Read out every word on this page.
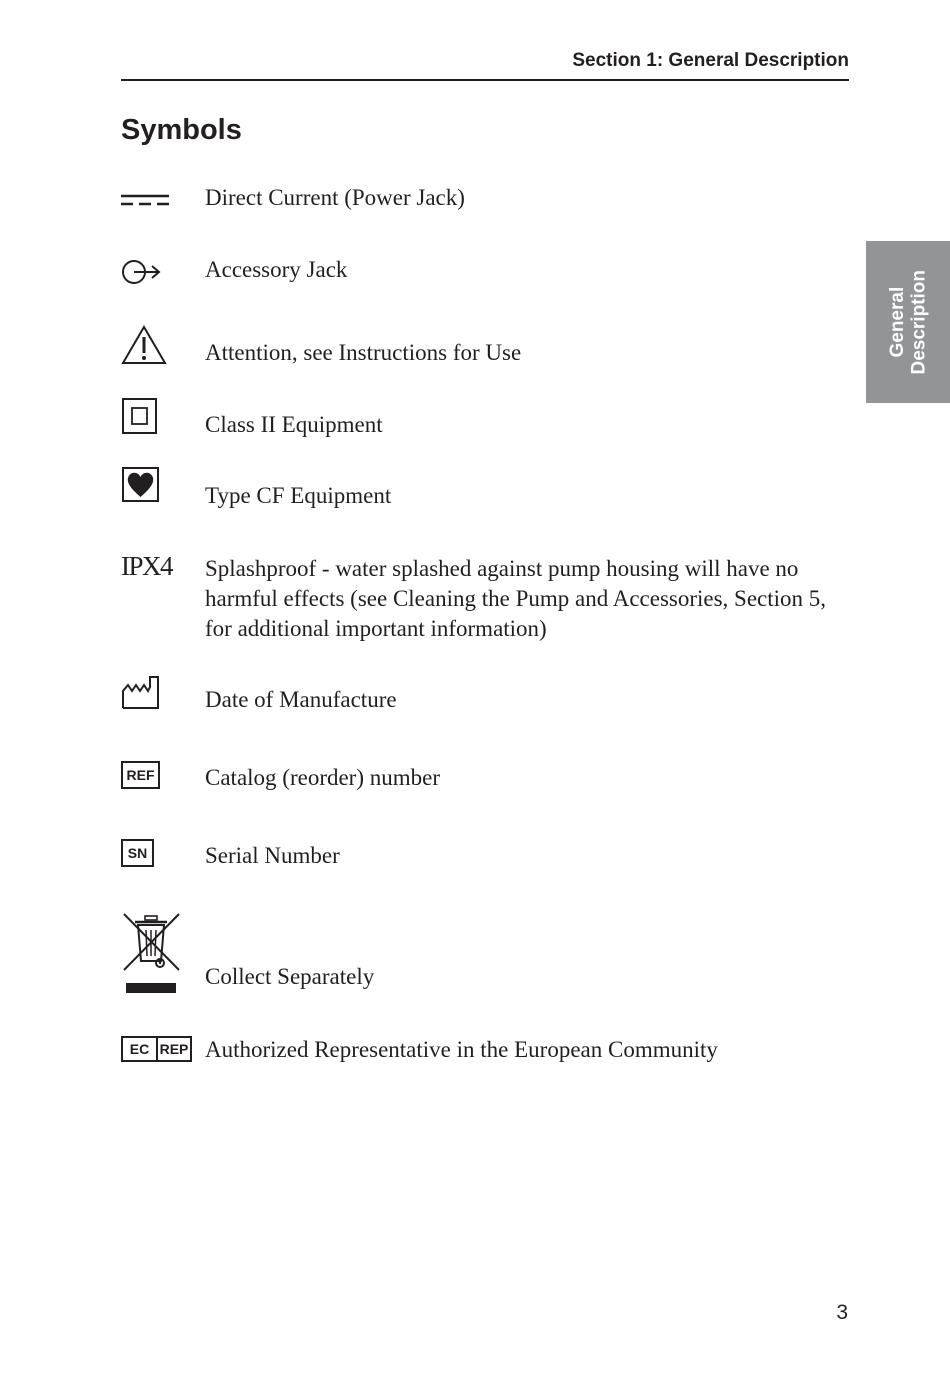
Section 1: General Description
General
Description
Symbols

Direct Current (Power Jack)

Accessory Jack

Attention, see Instructions for Use

Class II Equipment

Type CF Equipment

IPX4 Splashproof - water splashed against pump housing will have no harmful effects (see Cleaning the Pump and Accessories, Section 5, for additional important information)

Date of Manufacture

REF Catalog (reorder) number

SN	Serial Number

Collect Separately

EC REP Authorized Representative in the European Community

3
